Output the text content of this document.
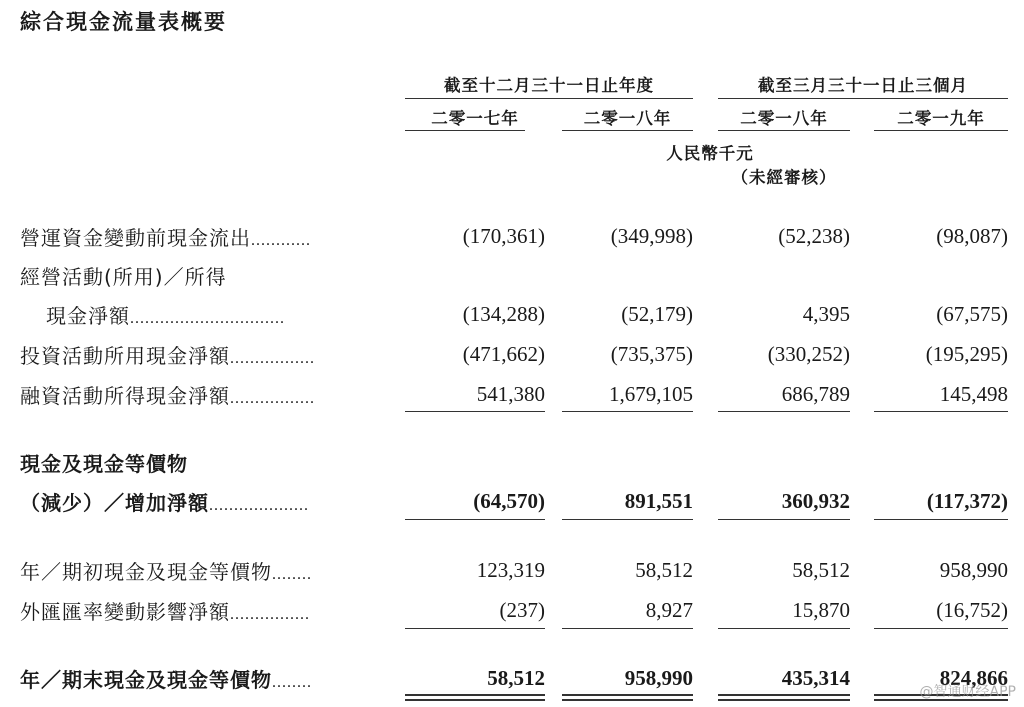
綜合現金流量表概要
截至十二月三十一日止年度	截至三月三十一日止三個月
二零一七年	二零一八年	二零一八年	二零一九年
人民幣千元
（未經審核）
營運資金變動前現金流出............	(170,361)	(349,998)	(52,238)	(98,087)
經營活動(所用)／所得
現金淨額...............................	(134,288)	(52,179)	4,395	(67,575)
投資活動所用現金淨額.................	(471,662)	(735,375)	(330,252)	(195,295)
融資活動所得現金淨額.................	541,380	1,679,105	686,789	145,498
現金及現金等價物
（減少）／增加淨額....................	(64,570)	891,551	360,932	(117,372)
年／期初現金及現金等價物........	123,319	58,512	58,512	958,990
外匯匯率變動影響淨額................	(237)	8,927	15,870	(16,752)
年／期末現金及現金等價物........	58,512	958,990	435,314	824,866
@智通财经APP
